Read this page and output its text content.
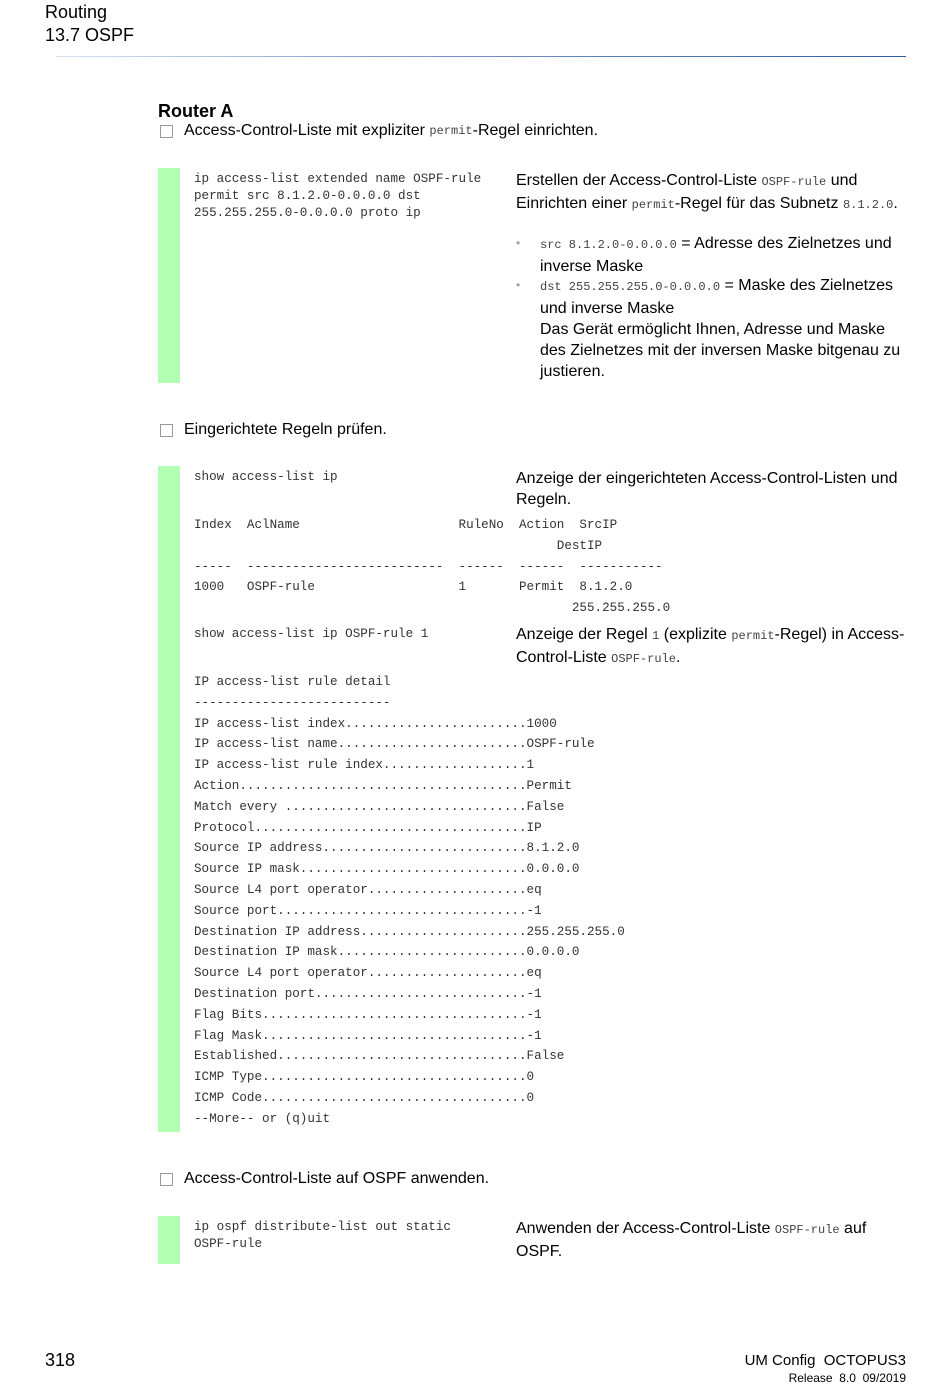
Routing
13.7 OSPF
Router A
Access-Control-Liste mit expliziter permit -Regel einrichten.
ip access-list extended name OSPF-rule
permit src 8.1.2.0-0.0.0.0 dst
255.255.255.0-0.0.0.0 proto ip
Erstellen der Access-Control-Liste OSPF-rule und Einrichten einer permit-Regel für das Subnetz 8.1.2.0.
• src 8.1.2.0-0.0.0.0 = Adresse des Zielnetzes und inverse Maske
• dst 255.255.255.0-0.0.0.0 = Maske des Zielnetzes und inverse Maske
Das Gerät ermöglicht Ihnen, Adresse und Maske des Zielnetzes mit der inversen Maske bitgenau zu justieren.
Eingerichtete Regeln prüfen.
show access-list ip	Anzeige der eingerichteten Access-Control-Listen und Regeln.
Index  AclName                     RuleNo  Action  SrcIP
DestIP
-----  --------------------------  ------  ------  -----------
1000   OSPF-rule                   1       Permit  8.1.2.0
255.255.255.0
show access-list ip OSPF-rule 1	Anzeige der Regel 1 (explizite permit-Regel) in Access-Control-Liste OSPF-rule.
IP access-list rule detail
--------------------------
IP access-list index........................1000
IP access-list name.........................OSPF-rule
IP access-list rule index...................1
Action......................................Permit
Match every ................................False
Protocol....................................IP
Source IP address...........................8.1.2.0
Source IP mask..............................0.0.0.0
Source L4 port operator.....................eq
Source port.................................-1
Destination IP address......................255.255.255.0
Destination IP mask.........................0.0.0.0
Source L4 port operator.....................eq
Destination port............................-1
Flag Bits...................................-1
Flag Mask...................................-1
Established.................................False
ICMP Type...................................0
ICMP Code...................................0
--More-- or (q)uit
Access-Control-Liste auf OSPF anwenden.
ip ospf distribute-list out static
OSPF-rule
Anwenden der Access-Control-Liste OSPF-rule auf OSPF.
318	UM Config  OCTOPUS3
Release  8.0  09/2019
